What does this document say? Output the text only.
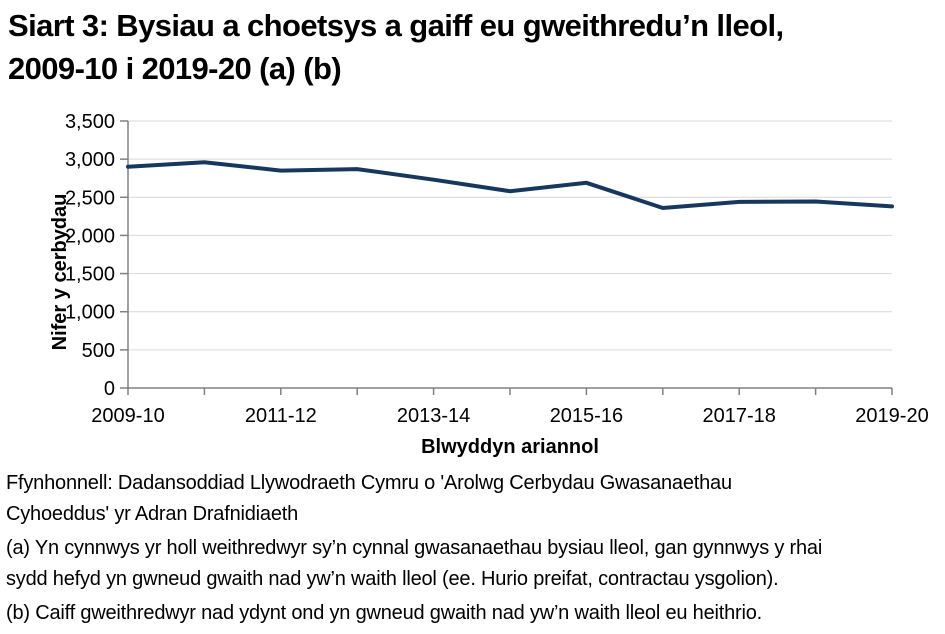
Siart 3: Bysiau a choetsys a gaiff eu gweithredu’n lleol,
2009-10 i 2019-20 (a) (b)
0
500
1,000
1,500
2,000
2,500
3,000
3,500
2009-10	2011-12	2013-14	2015-16	2017-18	2019-20
Blwyddyn ariannol
Nifer y cerbydau
Ffynhonnell: Dadansoddiad Llywodraeth Cymru o 'Arolwg Cerbydau Gwasanaethau
Cyhoeddus' yr Adran Drafnidiaeth
(a) Yn cynnwys yr holl weithredwyr sy’n cynnal gwasanaethau bysiau lleol, gan gynnwys y rhai
sydd hefyd yn gwneud gwaith nad yw’n waith lleol (ee. Hurio preifat, contractau ysgolion).
(b) Caiff gweithredwyr nad ydynt ond yn gwneud gwaith nad yw’n waith lleol eu heithrio.
